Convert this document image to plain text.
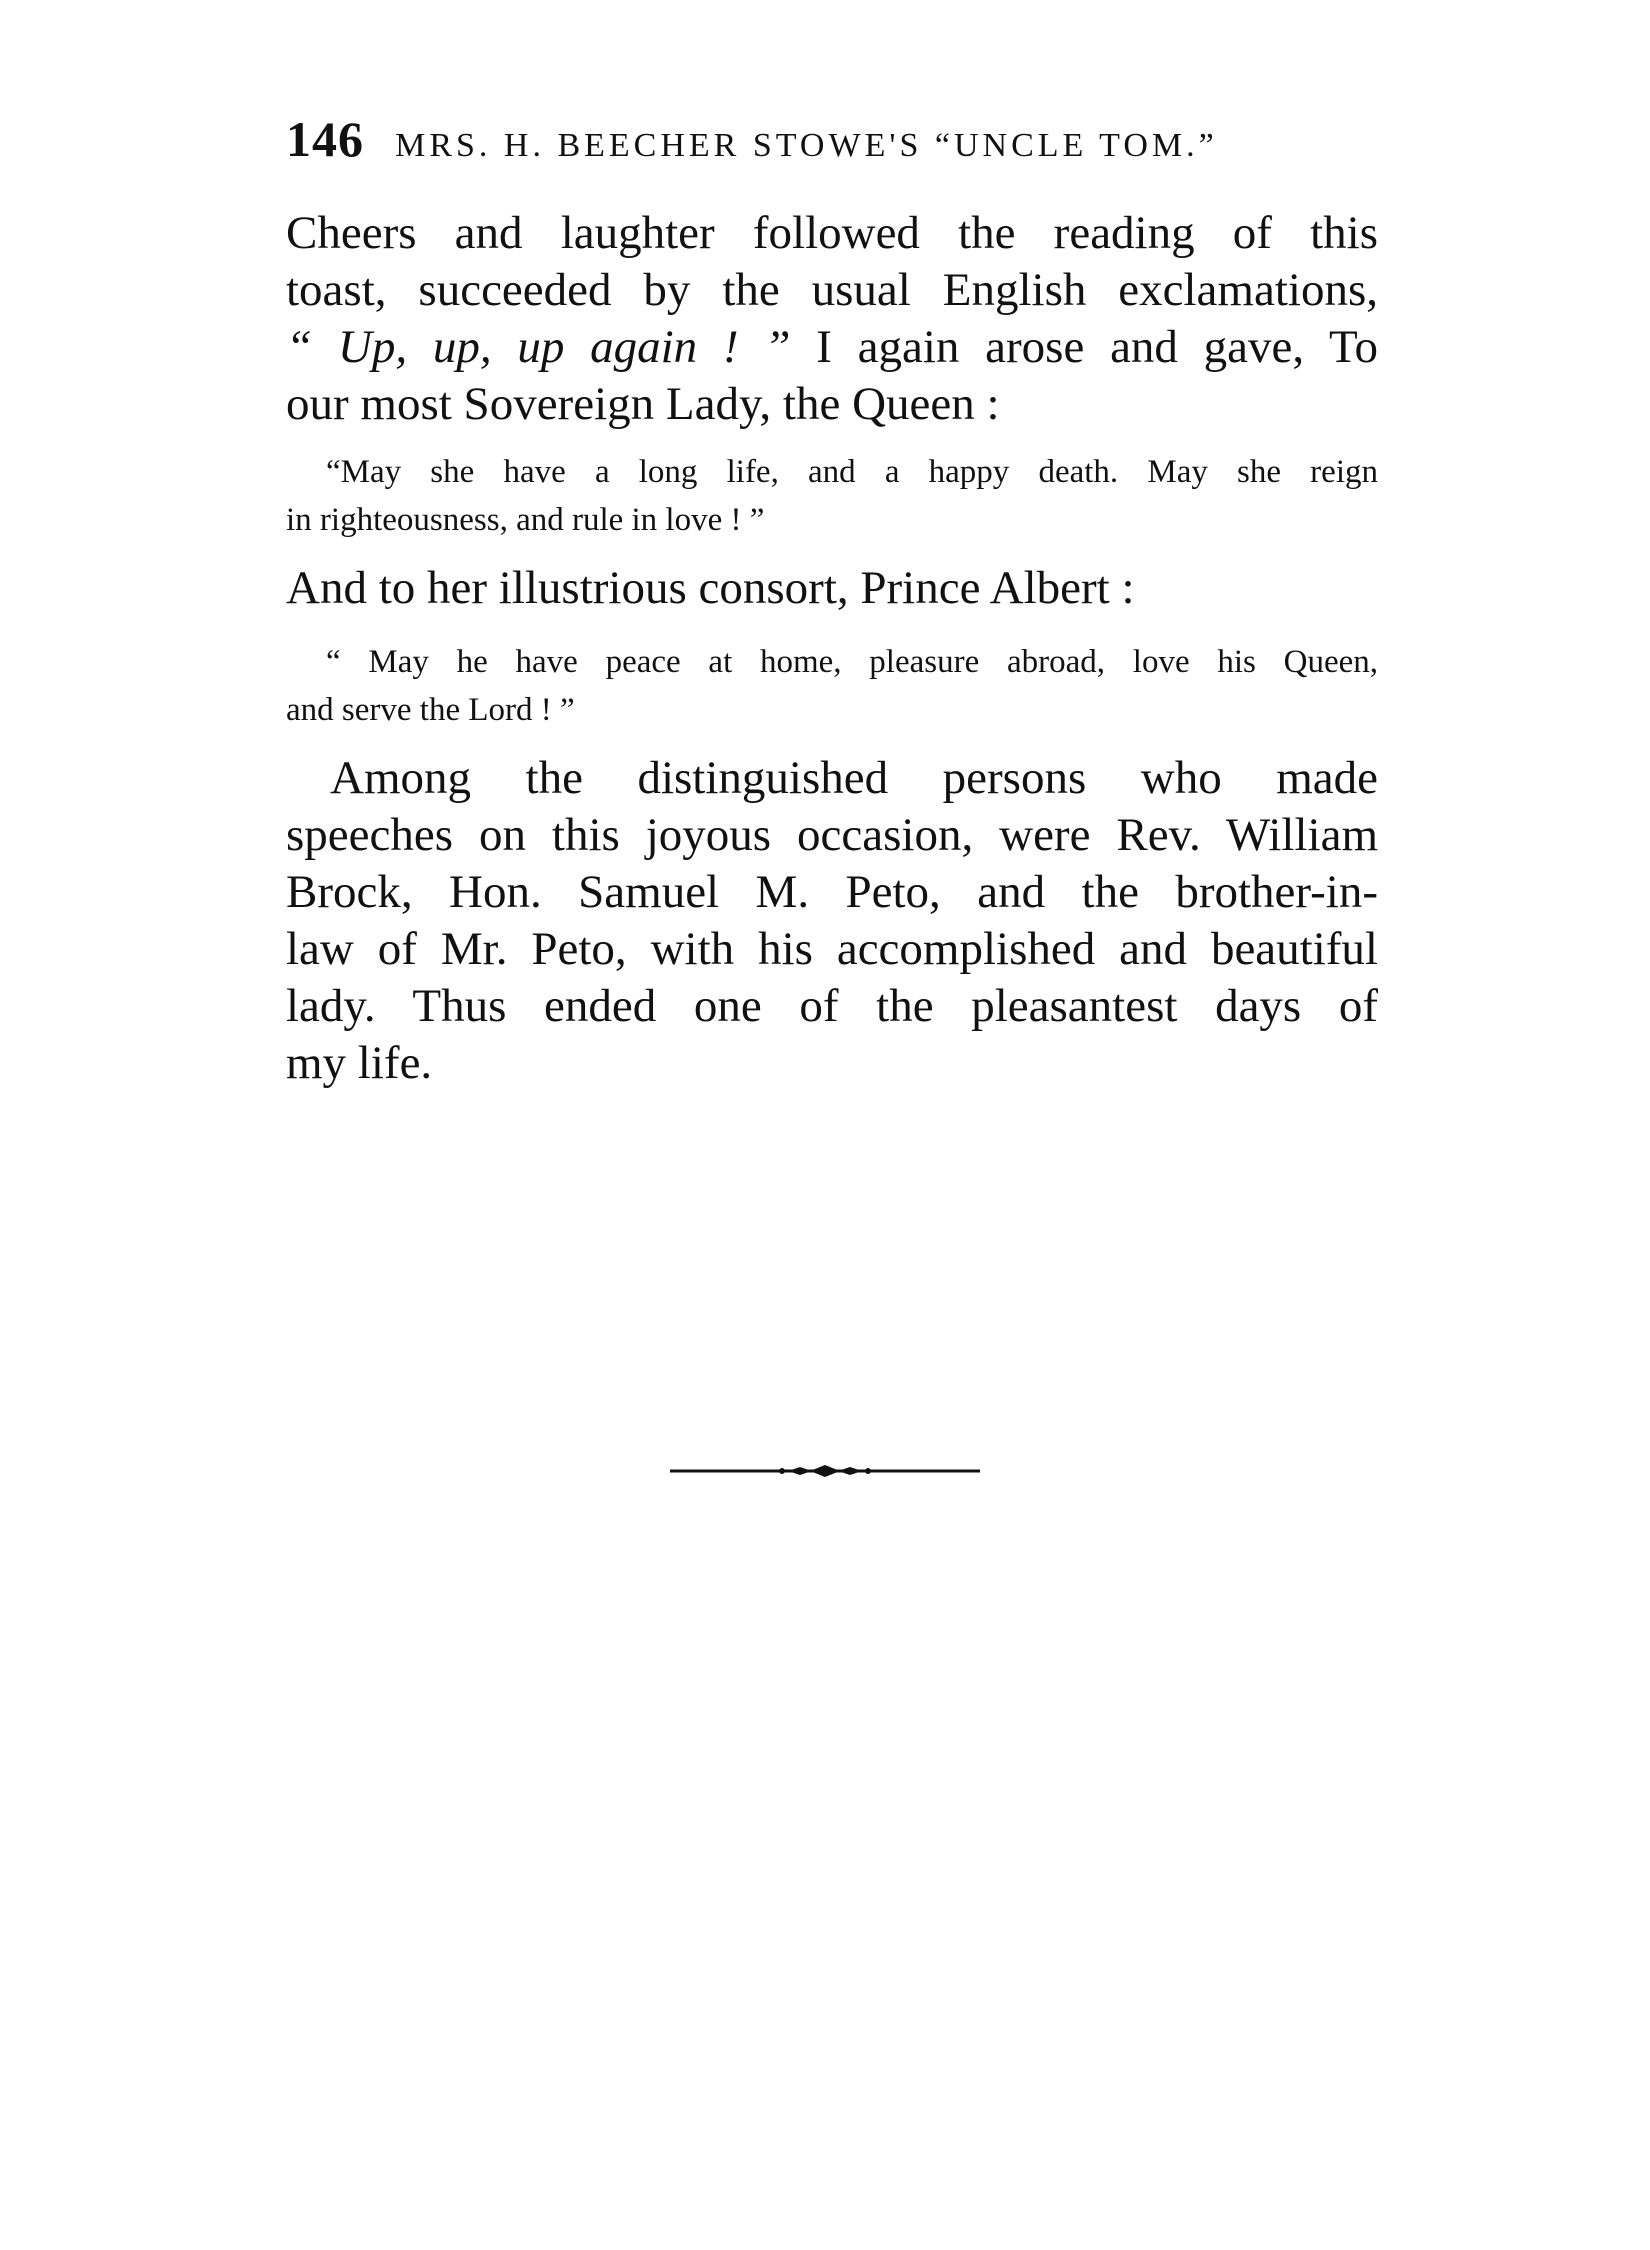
146 MRS. H. BEECHER STOWE'S “UNCLE TOM.”
Cheers and laughter followed the reading of this
toast, succeeded by the usual English exclamations,
“ Up, up, up again ! ” I again arose and gave, To
our most Sovereign Lady, the Queen :
“May she have a long life, and a happy death. May she reign
in righteousness, and rule in love ! ”
And to her illustrious consort, Prince Albert :
“ May he have peace at home, pleasure abroad, love his Queen,
and serve the Lord ! ”
Among the distinguished persons who made
speeches on this joyous occasion, were Rev. William
Brock, Hon. Samuel M. Peto, and the brother-in-
law of Mr. Peto, with his accomplished and beautiful
lady. Thus ended one of the pleasantest days of
my life.
